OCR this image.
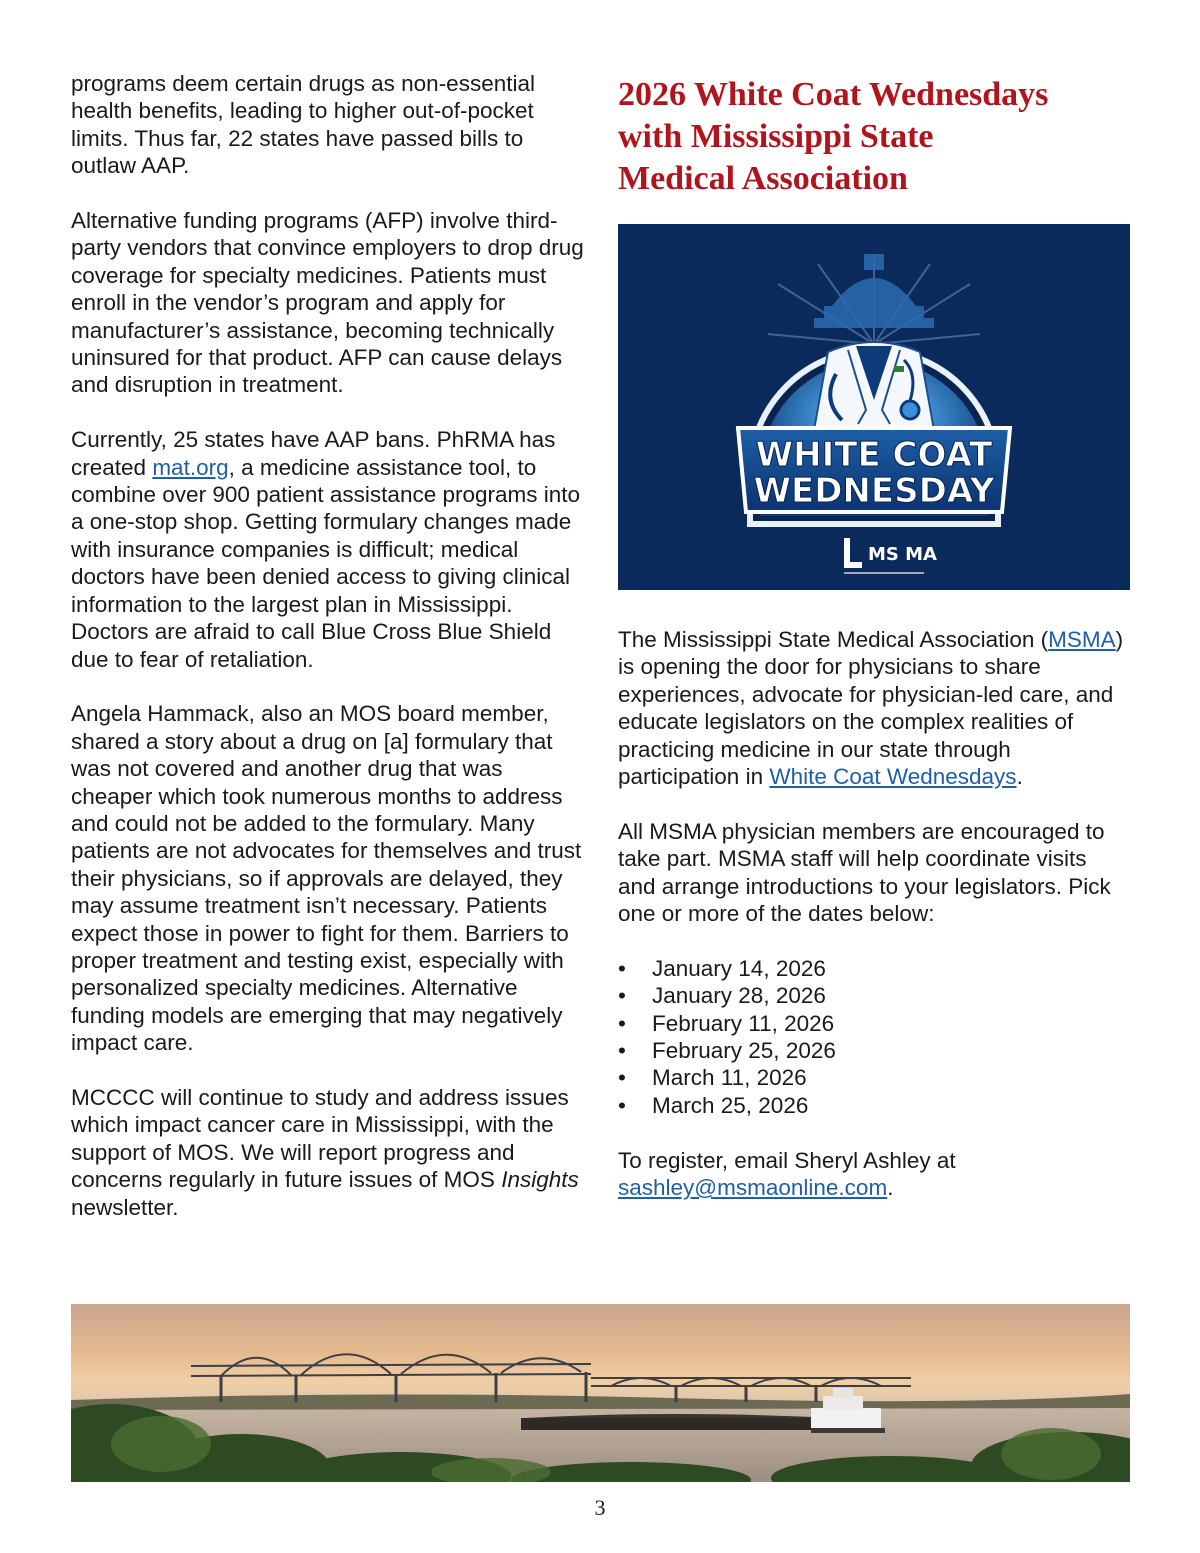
programs deem certain drugs as non-essential health benefits, leading to higher out-of-pocket limits. Thus far, 22 states have passed bills to outlaw AAP.

Alternative funding programs (AFP) involve third-party vendors that convince employers to drop drug coverage for specialty medicines. Patients must enroll in the vendor’s program and apply for manufacturer’s assistance, becoming technically uninsured for that product. AFP can cause delays and disruption in treatment.

Currently, 25 states have AAP bans. PhRMA has created mat.org, a medicine assistance tool, to combine over 900 patient assistance programs into a one-stop shop. Getting formulary changes made with insurance companies is difficult; medical doctors have been denied access to giving clinical information to the largest plan in Mississippi. Doctors are afraid to call Blue Cross Blue Shield due to fear of retaliation.

Angela Hammack, also an MOS board member, shared a story about a drug on [a] formulary that was not covered and another drug that was cheaper which took numerous months to address and could not be added to the formulary. Many patients are not advocates for themselves and trust their physicians, so if approvals are delayed, they may assume treatment isn’t necessary. Patients expect those in power to fight for them. Barriers to proper treatment and testing exist, especially with personalized specialty medicines. Alternative funding models are emerging that may negatively impact care.

MCCCC will continue to study and address issues which impact cancer care in Mississippi, with the support of MOS. We will report progress and concerns regularly in future issues of MOS Insights newsletter.

2026 White Coat Wednesdays
with Mississippi State
Medical Association
WHITE COAT
WEDNESDAY
MS MA

The Mississippi State Medical Association (MSMA) is opening the door for physicians to share experiences, advocate for physician-led care, and educate legislators on the complex realities of practicing medicine in our state through participation in White Coat Wednesdays.

All MSMA physician members are encouraged to take part. MSMA staff will help coordinate visits and arrange introductions to your legislators. Pick one or more of the dates below:

• January 14, 2026
• January 28, 2026
• February 11, 2026
• February 25, 2026
• March 11, 2026
• March 25, 2026

To register, email Sheryl Ashley at
sashley@msmaonline.com.

3
